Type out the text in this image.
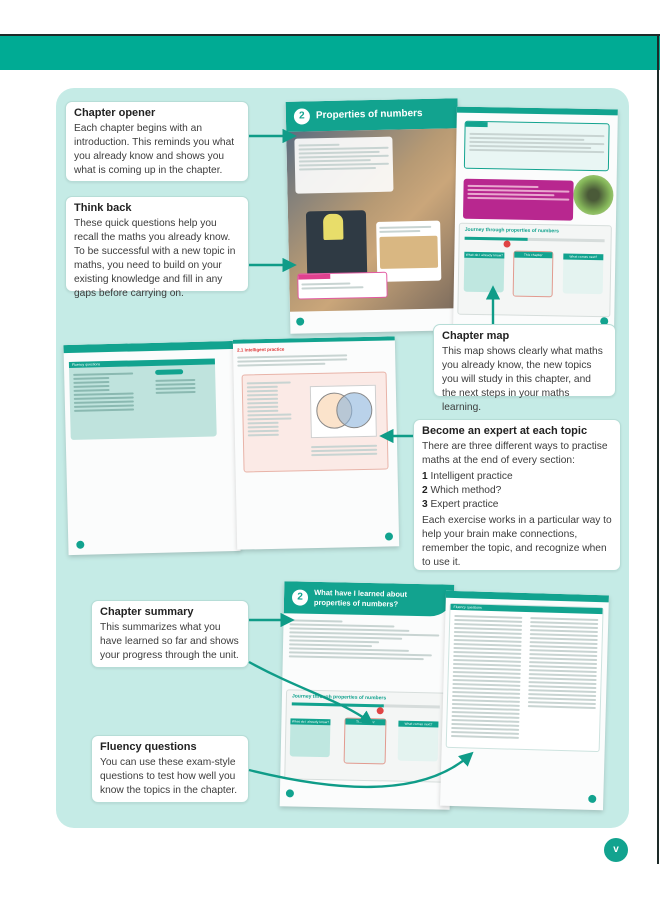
2	Properties of numbers
Journey through properties of numbers
What do I already know?	This chapter	What comes next?
Fluency questions
2.1 Intelligent practice
2	What have I learned about
properties of numbers?
Journey through properties of numbers
What do I already know?	This chapter	What comes next?
Fluency questions
Chapter opener

Each chapter begins with an introduction. This reminds you what you already know and shows you what is coming up in the chapter.

Think back

These quick questions help you recall the maths you already know. To be successful with a new topic in maths, you need to build on your existing knowledge and fill in any gaps before carrying on.

Chapter map

This map shows clearly what maths you already know, the new topics you will study in this chapter, and the next steps in your maths learning.

Become an expert at each topic

There are three different ways to practise maths at the end of every section:

1 Intelligent practice
2 Which method?
3 Expert practice

Each exercise works in a particular way to help your brain make connections, remember the topic, and recognize when to use it.

Chapter summary

This summarizes what you have learned so far and shows your progress through the unit.

Fluency questions

You can use these exam-style questions to test how well you know the topics in the chapter.

v
